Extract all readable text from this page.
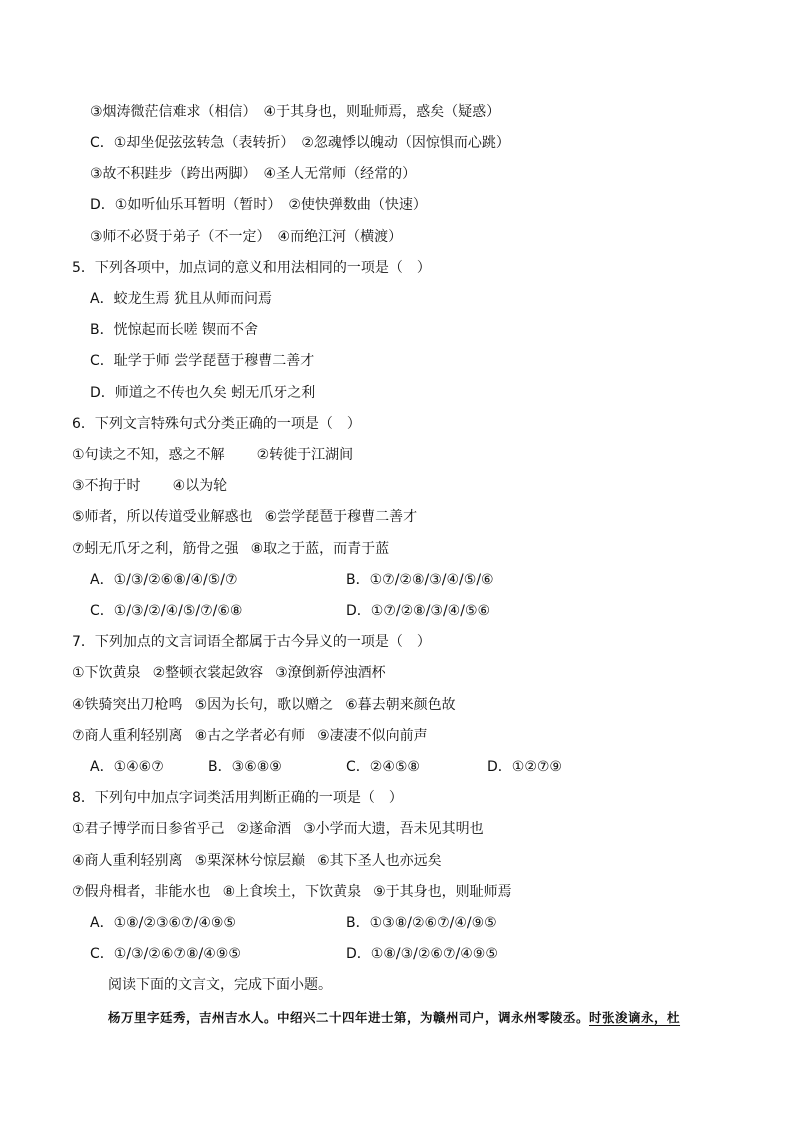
③烟涛微茫信难求（相信）　④于其身也，则耻师焉，惑矣（疑惑）
C．①却坐促弦弦转急（表转折）　②忽魂悸以魄动（因惊惧而心跳）
③故不积跬步（跨出两脚）　④圣人无常师（经常的）
D．①如听仙乐耳暂明（暂时）　②使快弹数曲（快速）
③师不必贤于弟子（不一定）　④而绝江河（横渡）
5．下列各项中，加点词的意义和用法相同的一项是（　）
A．蛟龙生焉 犹且从师而问焉
B．恍惊起而长嗟 锲而不舍
C．耻学于师 尝学琵琶于穆曹二善才
D．师道之不传也久矣 蚓无爪牙之利
6．下列文言特殊句式分类正确的一项是（　）
①句读之不知，惑之不解 ②转徙于江湖间
③不拘于时 ④以为轮
⑤师者，所以传道受业解惑也 ⑥尝学琵琶于穆曹二善才
⑦蚓无爪牙之利，筋骨之强 ⑧取之于蓝，而青于蓝
A．①/③/②⑥⑧/④/⑤/⑦	B．①⑦/②⑧/③/④/⑤/⑥
C．①/③/②/④/⑤/⑦/⑥⑧	D．①⑦/②⑧/③/④/⑤⑥
7．下列加点的文言词语全都属于古今异义的一项是（　）
①下饮黄泉 ②整顿衣裳起敛容 ③潦倒新停浊酒杯
④铁骑突出刀枪鸣 ⑤因为长句，歌以赠之 ⑥暮去朝来颜色故
⑦商人重利轻别离 ⑧古之学者必有师 ⑨凄凄不似向前声
A．①④⑥⑦	B．③⑥⑧⑨	C．②④⑤⑧	D．①②⑦⑨
8．下列句中加点字词类活用判断正确的一项是（　）
①君子博学而日参省乎己 ②遂命酒 ③小学而大遗，吾未见其明也
④商人重利轻别离 ⑤栗深林兮惊层巅 ⑥其下圣人也亦远矣
⑦假舟楫者，非能水也 ⑧上食埃土，下饮黄泉 ⑨于其身也，则耻师焉
A．①⑧/②③⑥⑦/④⑨⑤	B．①③⑧/②⑥⑦/④/⑨⑤
C．①/③/②⑥⑦⑧/④⑨⑤	D．①⑧/③/②⑥⑦/④⑨⑤
阅读下面的文言文，完成下面小题。
杨万里字廷秀，吉州吉水人。中绍兴二十四年进士第，为赣州司户，调永州零陵丞。时张浚谪永，杜
